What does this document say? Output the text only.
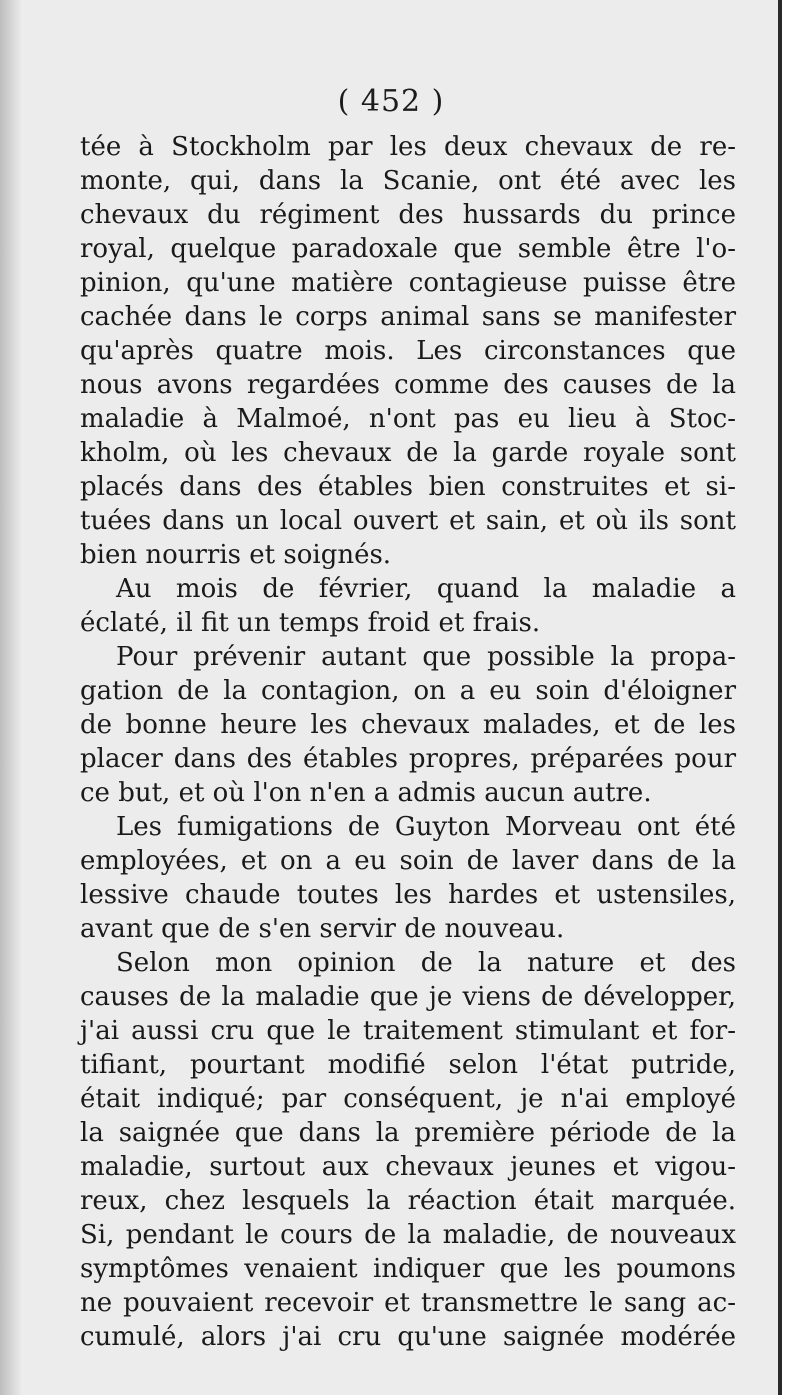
( 452 )

tée à Stockholm par les deux chevaux de re-

monte, qui, dans la Scanie, ont été avec les

chevaux du régiment des hussards du prince

royal, quelque paradoxale que semble être l'o-

pinion, qu'une matière contagieuse puisse être

cachée dans le corps animal sans se manifester

qu'après quatre mois. Les circonstances que

nous avons regardées comme des causes de la

maladie à Malmoé, n'ont pas eu lieu à Stoc-

kholm, où les chevaux de la garde royale sont

placés dans des étables bien construites et si-

tuées dans un local ouvert et sain, et où ils sont

bien nourris et soignés.

Au mois de février, quand la maladie a

éclaté, il fit un temps froid et frais.

Pour prévenir autant que possible la propa-

gation de la contagion, on a eu soin d'éloigner

de bonne heure les chevaux malades, et de les

placer dans des étables propres, préparées pour

ce but, et où l'on n'en a admis aucun autre.

Les fumigations de Guyton Morveau ont été

employées, et on a eu soin de laver dans de la

lessive chaude toutes les hardes et ustensiles,

avant que de s'en servir de nouveau.

Selon mon opinion de la nature et des

causes de la maladie que je viens de développer,

j'ai aussi cru que le traitement stimulant et for-

tifiant, pourtant modifié selon l'état putride,

était indiqué; par conséquent, je n'ai employé

la saignée que dans la première période de la

maladie, surtout aux chevaux jeunes et vigou-

reux, chez lesquels la réaction était marquée.

Si, pendant le cours de la maladie, de nouveaux

symptômes venaient indiquer que les poumons

ne pouvaient recevoir et transmettre le sang ac-

cumulé, alors j'ai cru qu'une saignée modérée
